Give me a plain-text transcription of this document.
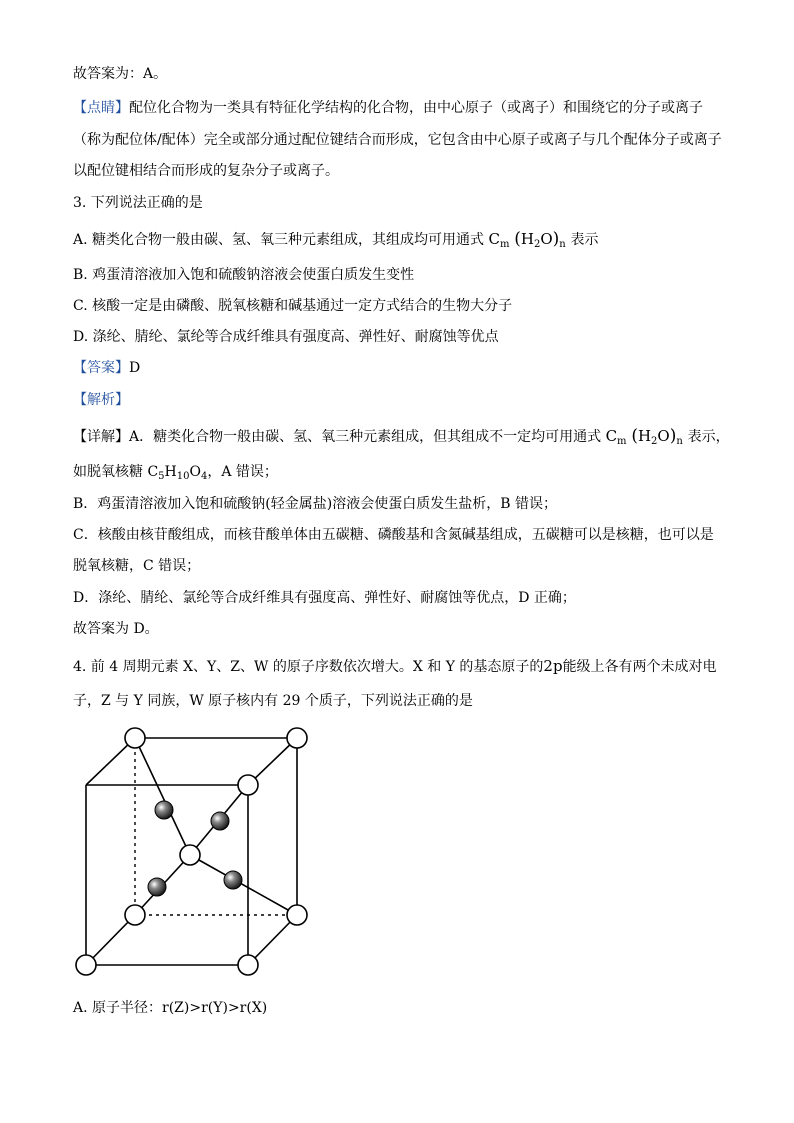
故答案为：A。
【点睛】配位化合物为一类具有特征化学结构的化合物，由中心原子（或离子）和围绕它的分子或离子
（称为配位体/配体）完全或部分通过配位键结合而形成，它包含由中心原子或离子与几个配体分子或离子
以配位键相结合而形成的复杂分子或离子。
3. 下列说法正确的是
A. 糖类化合物一般由碳、氢、氧三种元素组成，其组成均可用通式 $C_m$ $(H_2O)_n$ 表示
B. 鸡蛋清溶液加入饱和硫酸钠溶液会使蛋白质发生变性
C. 核酸一定是由磷酸、脱氧核糖和碱基通过一定方式结合的生物大分子
D. 涤纶、腈纶、氯纶等合成纤维具有强度高、弹性好、耐腐蚀等优点
【答案】D
【解析】
【详解】A．糖类化合物一般由碳、氢、氧三种元素组成，但其组成不一定均可用通式 $C_m$ $(H_2O)_n$ 表示，
如脱氧核糖 $C_5H_{10}O_4$，A 错误；
B．鸡蛋清溶液加入饱和硫酸钠(轻金属盐)溶液会使蛋白质发生盐析，B 错误；
C．核酸由核苷酸组成，而核苷酸单体由五碳糖、磷酸基和含氮碱基组成，五碳糖可以是核糖，也可以是
脱氧核糖，C 错误；
D．涤纶、腈纶、氯纶等合成纤维具有强度高、弹性好、耐腐蚀等优点，D 正确；
故答案为 D。
4. 前 4 周期元素 X、Y、Z、W 的原子序数依次增大。X 和 Y 的基态原子的2p能级上各有两个未成对电
子，Z 与 Y 同族，W 原子核内有 29 个质子，下列说法正确的是
A. 原子半径：r(Z)>r(Y)>r(X)
